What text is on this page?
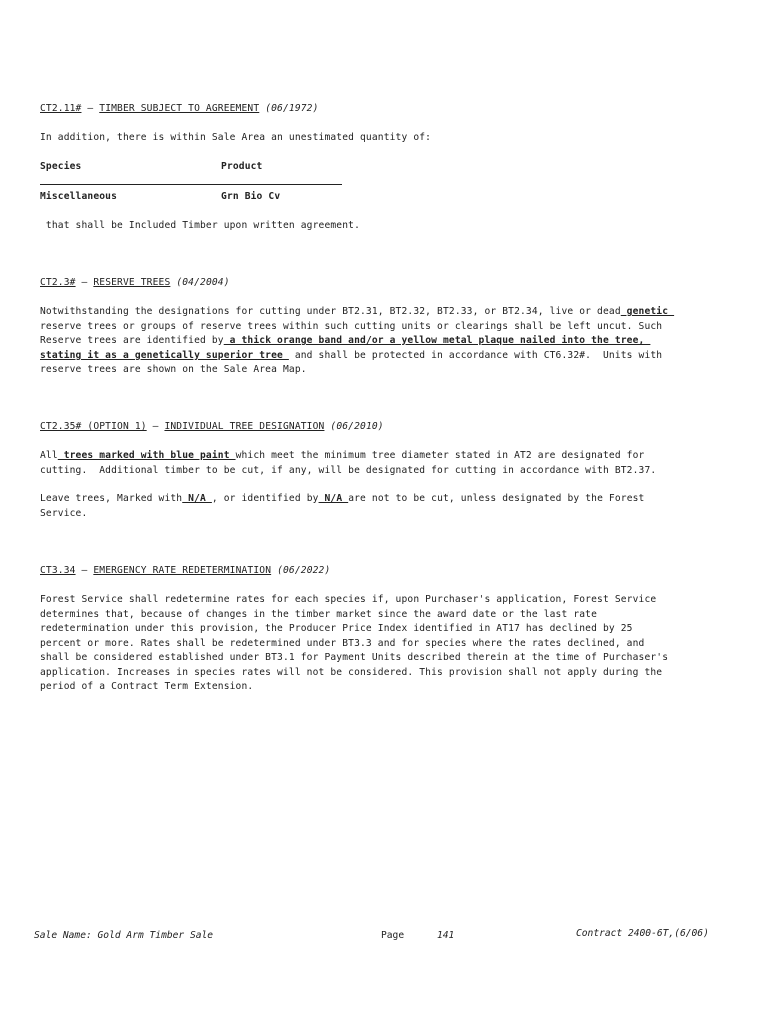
CT2.11# – TIMBER SUBJECT TO AGREEMENT (06/1972)
In addition, there is within Sale Area an unestimated quantity of:
Species	Product
Miscellaneous	Grn Bio Cv
that shall be Included Timber upon written agreement.
CT2.3# – RESERVE TREES (04/2004)
Notwithstanding the designations for cutting under BT2.31, BT2.32, BT2.33, or BT2.34, live or dead genetic
reserve trees or groups of reserve trees within such cutting units or clearings shall be left uncut. Such
Reserve trees are identified by a thick orange band and/or a yellow metal plaque nailed into the tree,
stating it as a genetically superior tree  and shall be protected in accordance with CT6.32#.  Units with
reserve trees are shown on the Sale Area Map.
CT2.35# (OPTION 1) – INDIVIDUAL TREE DESIGNATION (06/2010)
All trees marked with blue paint which meet the minimum tree diameter stated in AT2 are designated for
cutting.  Additional timber to be cut, if any, will be designated for cutting in accordance with BT2.37.
Leave trees, Marked with N/A , or identified by N/A are not to be cut, unless designated by the Forest
Service.
CT3.34 – EMERGENCY RATE REDETERMINATION (06/2022)
Forest Service shall redetermine rates for each species if, upon Purchaser's application, Forest Service
determines that, because of changes in the timber market since the award date or the last rate
redetermination under this provision, the Producer Price Index identified in AT17 has declined by 25
percent or more. Rates shall be redetermined under BT3.3 and for species where the rates declined, and
shall be considered established under BT3.1 for Payment Units described therein at the time of Purchaser's
application. Increases in species rates will not be considered. This provision shall not apply during the
period of a Contract Term Extension.
Sale Name: Gold Arm Timber Sale	Page	141	Contract 2400-6T,(6/06)
